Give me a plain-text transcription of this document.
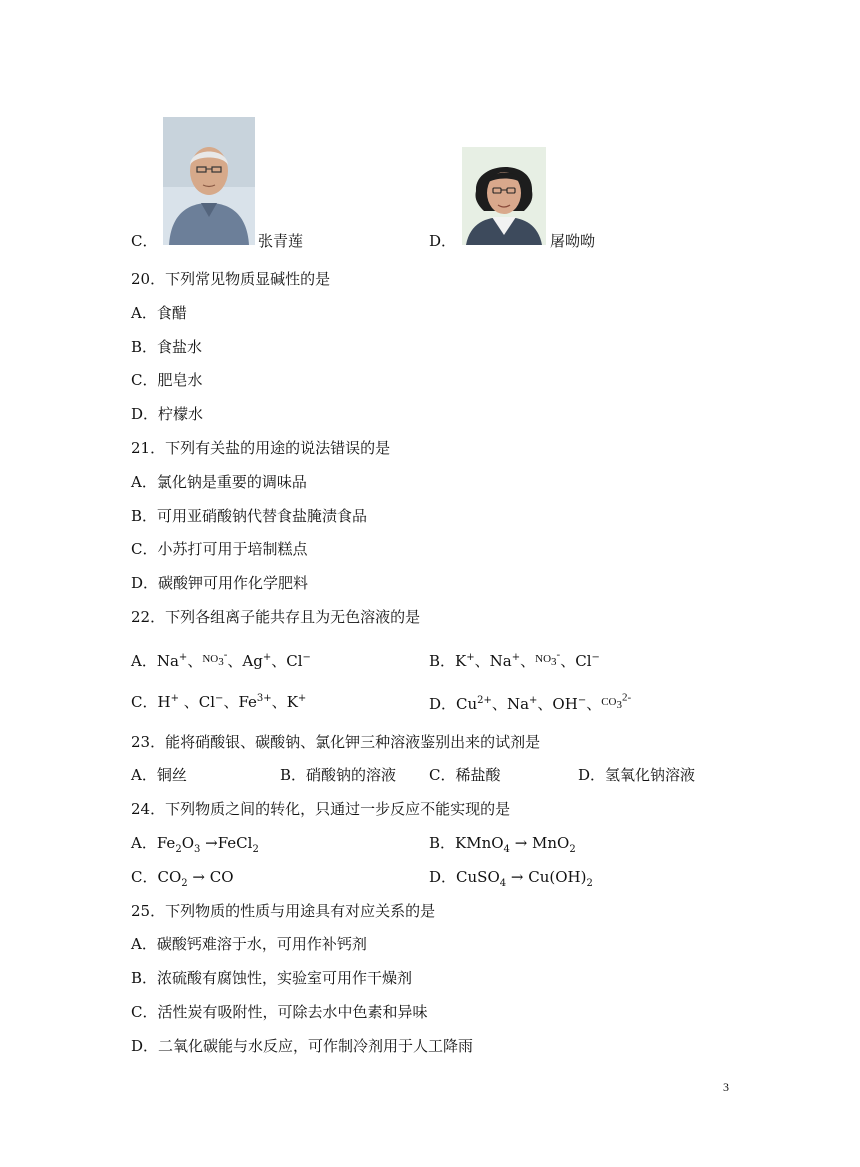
C．	张青莲	D．	屠呦呦
20．下列常见物质显碱性的是
A．食醋
B．食盐水
C．肥皂水
D．柠檬水
21．下列有关盐的用途的说法错误的是
A．氯化钠是重要的调味品
B．可用亚硝酸钠代替食盐腌渍食品
C．小苏打可用于培制糕点
D．碳酸钾可用作化学肥料
22．下列各组离子能共存且为无色溶液的是
A．Na+、$NO_3^-$、Ag+、Cl−	B．K+、Na+、$NO_3^-$、Cl−
C．H+ 、Cl−、$Fe^{3+}$、K+	D．$Cu^{2+}$、Na+、OH−、$CO_3^{2-}$
23．能将硝酸银、碳酸钠、氯化钾三种溶液鉴别出来的试剂是
A．铜丝	B．硝酸钠的溶液 C．稀盐酸	D．氢氧化钠溶液
24．下列物质之间的转化，只通过一步反应不能实现的是
A．$Fe_2O_3$ →FeCl$_2$	B．KMnO$_4$ → MnO$_2$
C．$CO_2$ → CO	D．CuSO$_4$ → $Cu(OH)_2$
25．下列物质的性质与用途具有对应关系的是
A．碳酸钙难溶于水，可用作补钙剂
B．浓硫酸有腐蚀性，实验室可用作干燥剂
C．活性炭有吸附性，可除去水中色素和异味
D．二氧化碳能与水反应，可作制冷剂用于人工降雨
3
